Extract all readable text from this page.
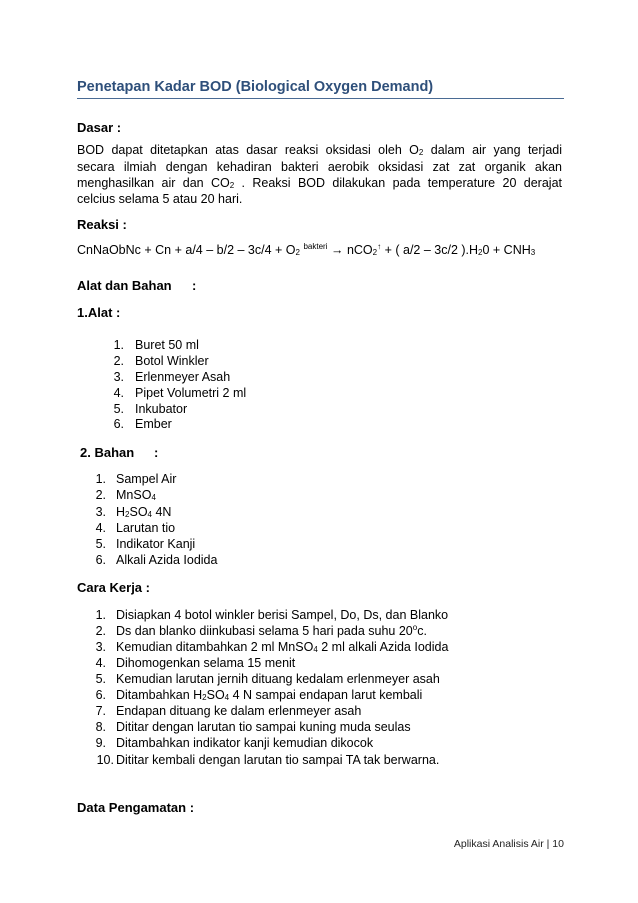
Penetapan Kadar BOD (Biological Oxygen Demand)
Dasar :
BOD dapat ditetapkan atas dasar reaksi oksidasi oleh O2 dalam air yang terjadi
secara ilmiah dengan kehadiran bakteri aerobik oksidasi zat zat organik akan
menghasilkan air dan CO2 . Reaksi BOD dilakukan pada temperature 20 derajat
celcius selama 5 atau 20 hari.
Reaksi :
CnNaObNc + Cn + a/4 – b/2 – 3c/4 + O2 $^{bakteri}$ → nCO2↑ + ( a/2 – 3c/2 ).H20 + CNH3
Alat dan Bahan :
1.Alat :
1. Buret 50 ml
2. Botol Winkler
3. Erlenmeyer Asah
4. Pipet Volumetri 2 ml
5. Inkubator
6. Ember
2. Bahan :
1. Sampel Air
2. MnSO4
3. H2SO4 4N
4. Larutan tio
5. Indikator Kanji
6. Alkali Azida Iodida
Cara Kerja :
1. Disiapkan 4 botol winkler berisi Sampel, Do, Ds, dan Blanko
2. Ds dan blanko diinkubasi selama 5 hari pada suhu 20$^o$c.
3. Kemudian ditambahkan 2 ml MnSO4 2 ml alkali Azida Iodida
4. Dihomogenkan selama 15 menit
5. Kemudian larutan jernih dituang kedalam erlenmeyer asah
6. Ditambahkan H2SO4 4 N sampai endapan larut kembali
7. Endapan dituang ke dalam erlenmeyer asah
8. Dititar dengan larutan tio sampai kuning muda seulas
9. Ditambahkan indikator kanji kemudian dikocok
10. Dititar kembali dengan larutan tio sampai TA tak berwarna.
Data Pengamatan :
Aplikasi Analisis Air | 10
